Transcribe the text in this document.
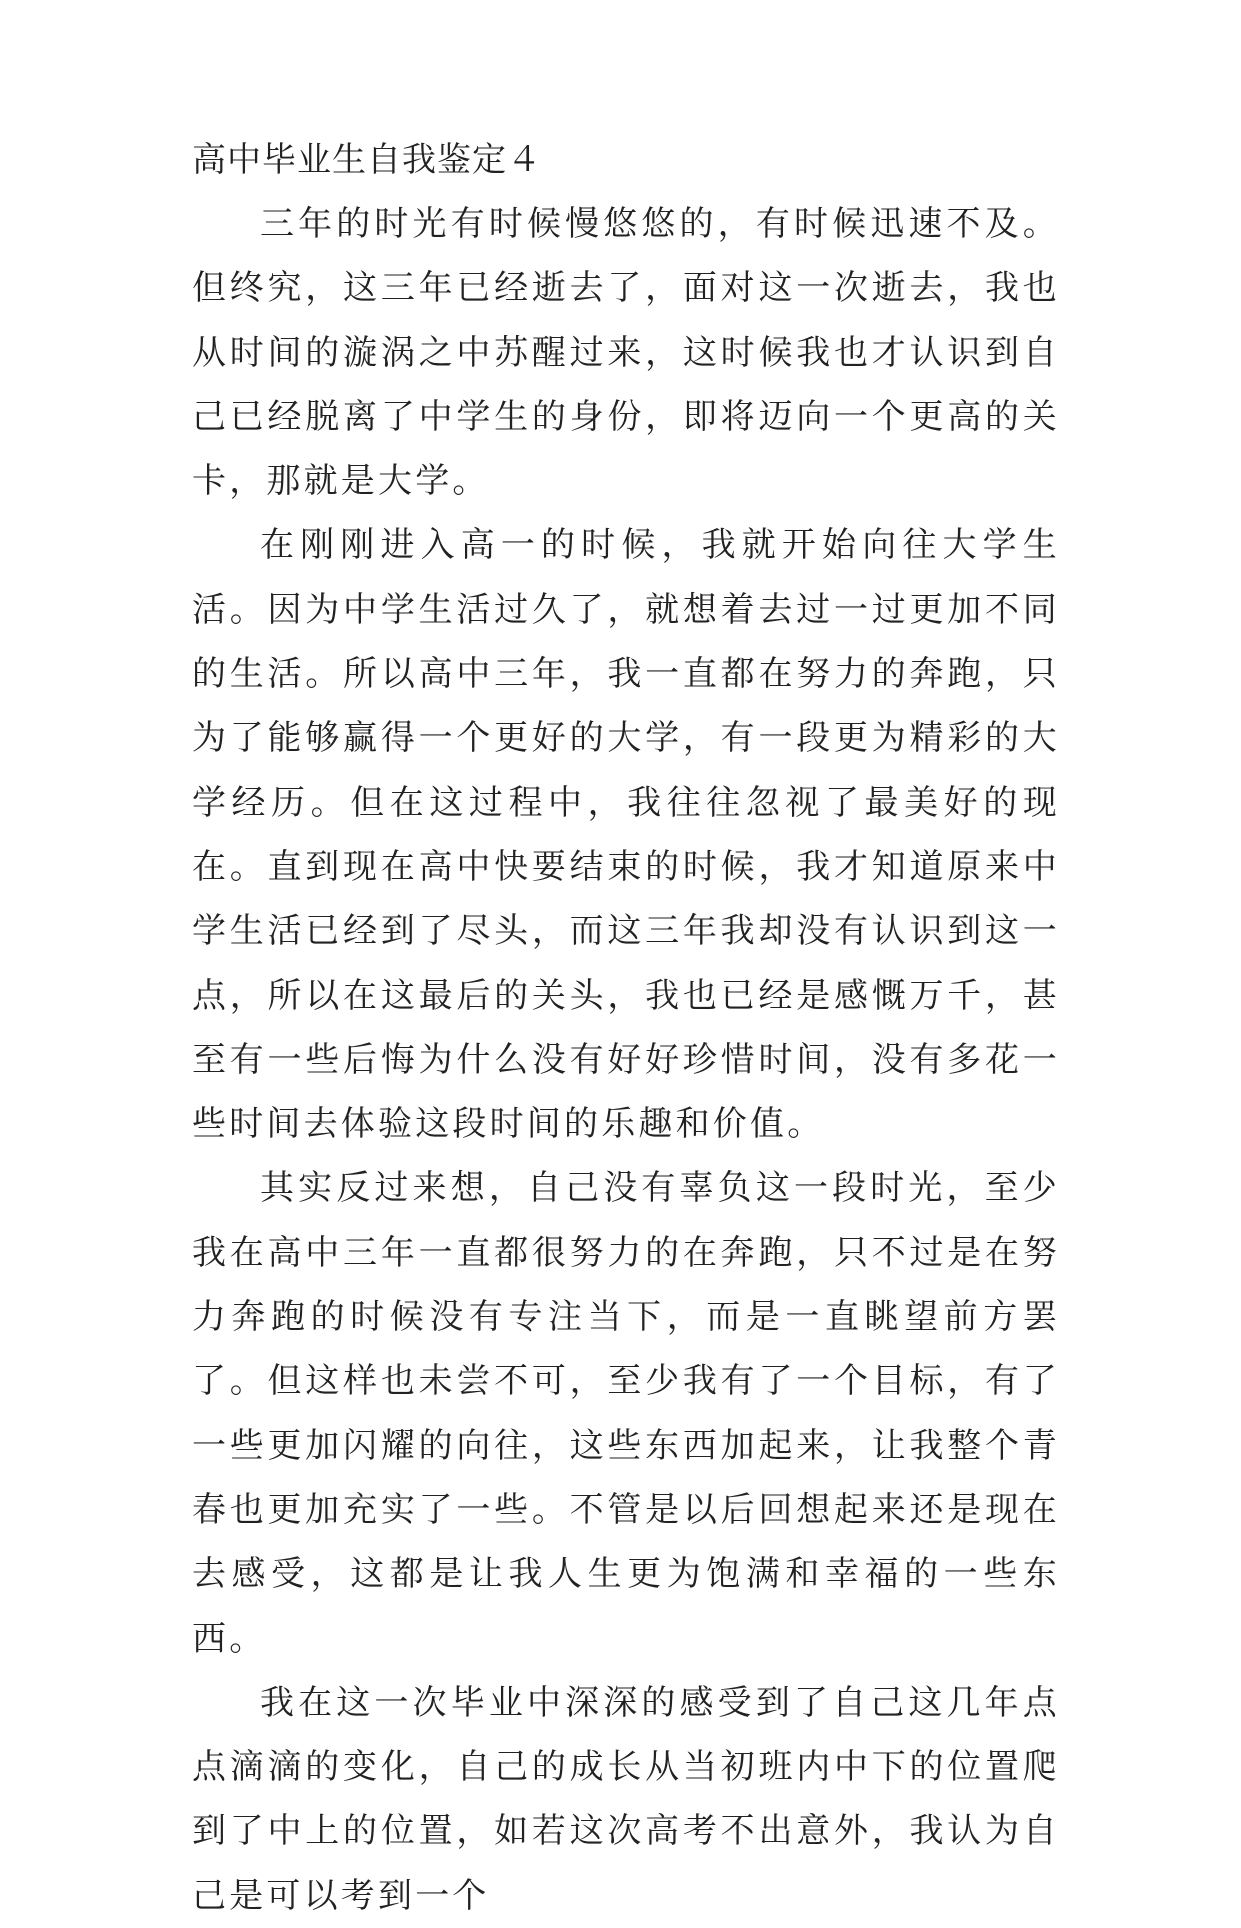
高中毕业生自我鉴定４

三年的时光有时候慢悠悠的，有时候迅速不及。但终究，这三年已经逝去了，面对这一次逝去，我也从时间的漩涡之中苏醒过来，这时候我也才认识到自己已经脱离了中学生的身份，即将迈向一个更高的关卡，那就是大学。

在刚刚进入高一的时候，我就开始向往大学生活。因为中学生活过久了，就想着去过一过更加不同的生活。所以高中三年，我一直都在努力的奔跑，只为了能够赢得一个更好的大学，有一段更为精彩的大学经历。但在这过程中，我往往忽视了最美好的现在。直到现在高中快要结束的时候，我才知道原来中学生活已经到了尽头，而这三年我却没有认识到这一点，所以在这最后的关头，我也已经是感慨万千，甚至有一些后悔为什么没有好好珍惜时间，没有多花一些时间去体验这段时间的乐趣和价值。

其实反过来想，自己没有辜负这一段时光，至少我在高中三年一直都很努力的在奔跑，只不过是在努力奔跑的时候没有专注当下，而是一直眺望前方罢了。但这样也未尝不可，至少我有了一个目标，有了一些更加闪耀的向往，这些东西加起来，让我整个青春也更加充实了一些。不管是以后回想起来还是现在去感受，这都是让我人生更为饱满和幸福的一些东西。

我在这一次毕业中深深的感受到了自己这几年点点滴滴的变化，自己的成长从当初班内中下的位置爬到了中上的位置，如若这次高考不出意外，我认为自己是可以考到一个
